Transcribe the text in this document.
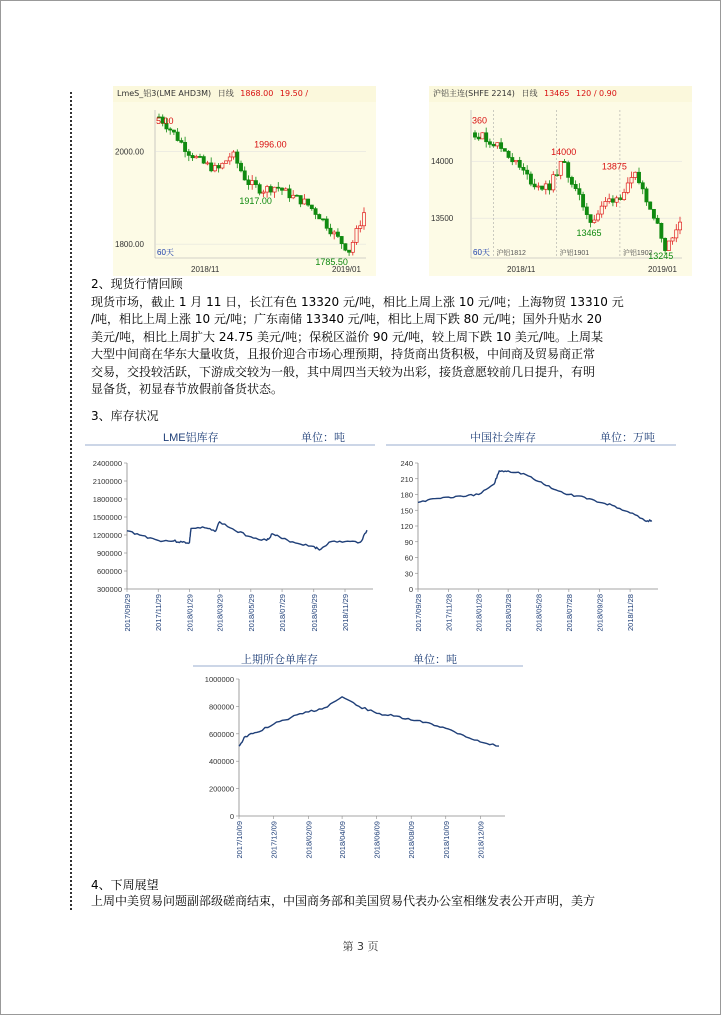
LmeS_铝3(LME AHD3M) 日线 1868.00 19.50 /
2000.00
1800.00
5.00
1996.00
1917.00
1785.50
60天
2018/11	2019/01
沪铝主连(SHFE 2214) 日线 13465 120 / 0.90
14000
13500
360
14000
13875
13465
13245
沪铝1812	沪铝1901	沪铝1902
60天
2018/11	2019/01
2、现货行情回顾
现货市场，截止 1 月 11 日，长江有色 13320 元/吨，相比上周上涨 10 元/吨；上海物贸 13310 元
/吨，相比上周上涨 10 元/吨；广东南储 13340 元/吨，相比上周下跌 80 元/吨；国外升贴水 20
美元/吨，相比上周扩大 24.75 美元/吨；保税区溢价 90 元/吨，较上周下跌 10 美元/吨。上周某
大型中间商在华东大量收货，且报价迎合市场心理预期，持货商出货积极，中间商及贸易商正常
交易，交投较活跃，下游成交较为一般，其中周四当天较为出彩，接货意愿较前几日提升，有明
显备货，初显春节放假前备货状态。
3、库存状况
LME铝库存	单位：吨
2400000
2100000
1800000
1500000
1200000
900000
600000
300000
2017/09/29	2017/11/29	2018/01/29	2018/03/29	2018/05/29	2018/07/29	2018/09/29	2018/11/29
中国社会库存	单位：万吨
240
210
180
150
120
90
60
30
0
2017/09/28	2017/11/28	2018/01/28	2018/03/28	2018/05/28	2018/07/28	2018/09/28	2018/11/28
上期所仓单库存	单位：吨
1000000
800000
600000
400000
200000
0
2017/10/09	2017/12/09	2018/02/09	2018/04/09	2018/06/09	2018/08/09	2018/10/09	2018/12/09
4、下周展望
上周中美贸易问题副部级磋商结束，中国商务部和美国贸易代表办公室相继发表公开声明，美方
第 3 页
